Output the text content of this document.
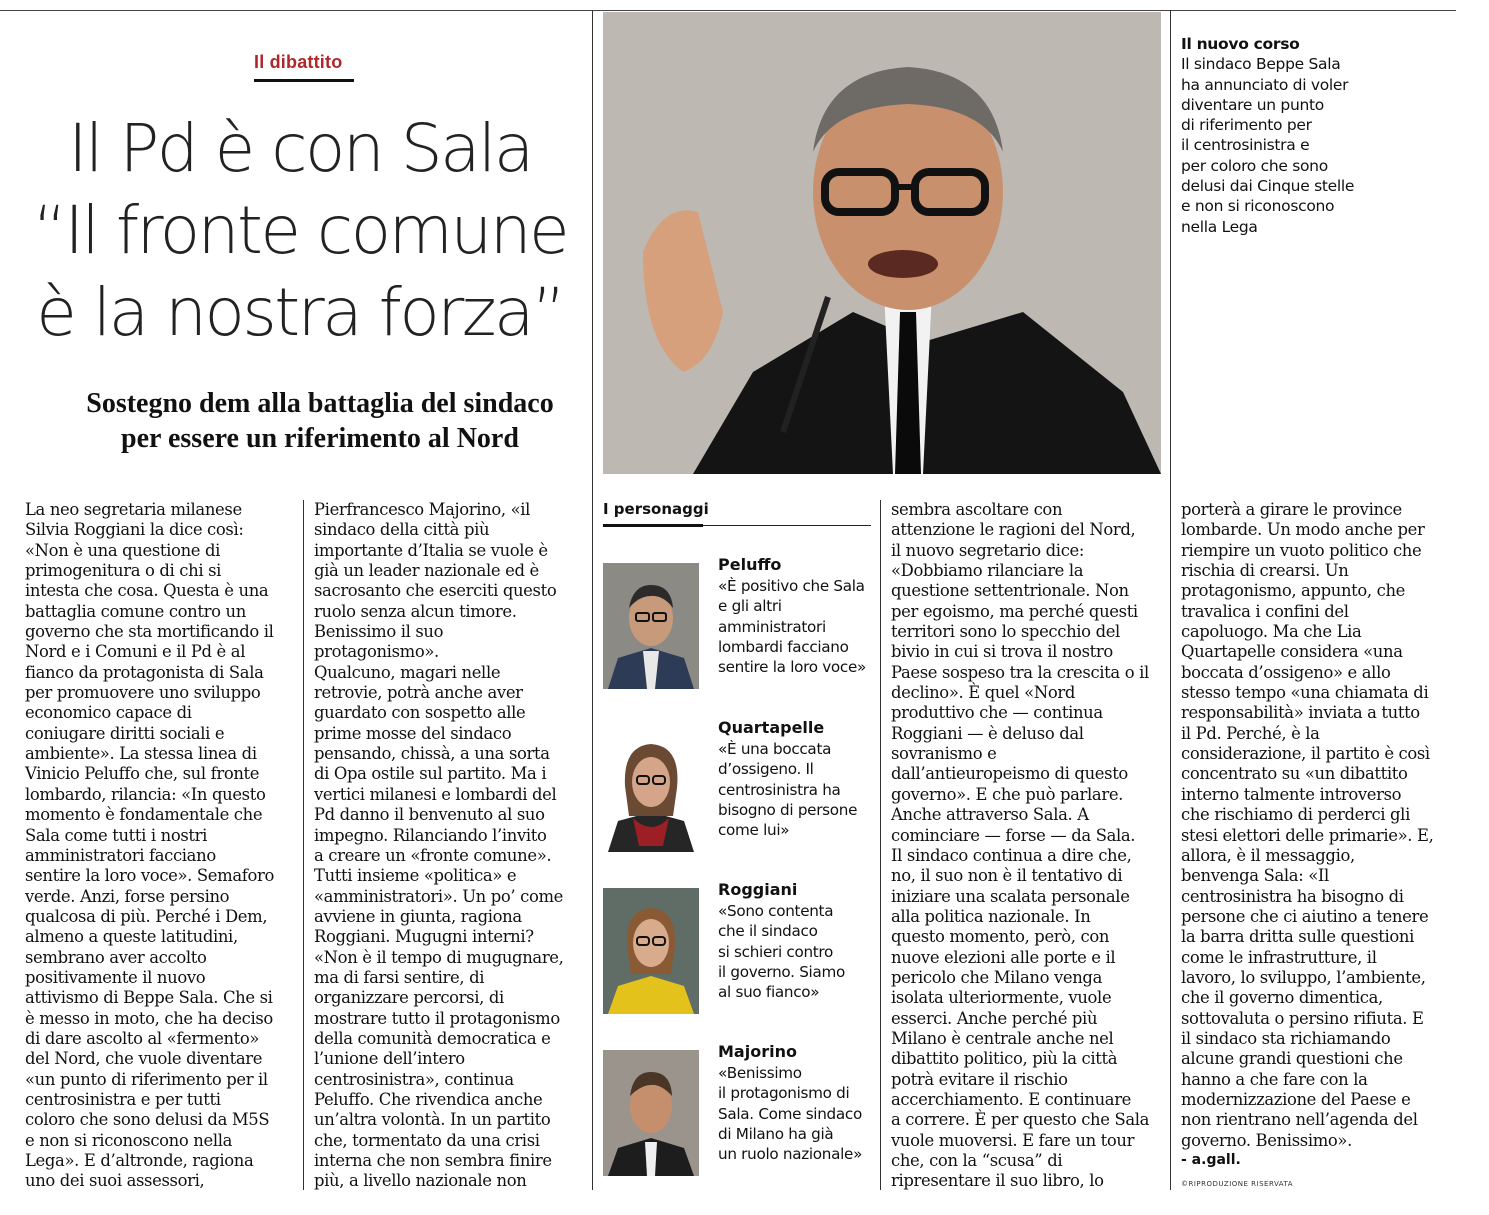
Il dibattito
Il Pd è con Sala
“Il fronte comune
è la nostra forza”
Sostegno dem alla battaglia del sindaco
per essere un riferimento al Nord
Il nuovo corso
Il sindaco Beppe Sala
ha annunciato di voler
diventare un punto
di riferimento per
il centrosinistra e
per coloro che sono
delusi dai Cinque stelle
e non si riconoscono
nella Lega
La neo segretaria milanese
Silvia Roggiani la dice così:
«Non è una questione di
primogenitura o di chi si
intesta che cosa. Questa è una
battaglia comune contro un
governo che sta mortificando il
Nord e i Comuni e il Pd è al
fianco da protagonista di Sala
per promuovere uno sviluppo
economico capace di
coniugare diritti sociali e
ambiente». La stessa linea di
Vinicio Peluffo che, sul fronte
lombardo, rilancia: «In questo
momento è fondamentale che
Sala come tutti i nostri
amministratori facciano
sentire la loro voce». Semaforo
verde. Anzi, forse persino
qualcosa di più. Perché i Dem,
almeno a queste latitudini,
sembrano aver accolto
positivamente il nuovo
attivismo di Beppe Sala. Che si
è messo in moto, che ha deciso
di dare ascolto al «fermento»
del Nord, che vuole diventare
«un punto di riferimento per il
centrosinistra e per tutti
coloro che sono delusi da M5S
e non si riconoscono nella
Lega». E d’altronde, ragiona
uno dei suoi assessori,
Pierfrancesco Majorino, «il
sindaco della città più
importante d’Italia se vuole è
già un leader nazionale ed è
sacrosanto che eserciti questo
ruolo senza alcun timore.
Benissimo il suo
protagonismo».
Qualcuno, magari nelle
retrovie, potrà anche aver
guardato con sospetto alle
prime mosse del sindaco
pensando, chissà, a una sorta
di Opa ostile sul partito. Ma i
vertici milanesi e lombardi del
Pd danno il benvenuto al suo
impegno. Rilanciando l’invito
a creare un «fronte comune».
Tutti insieme «politica» e
«amministratori». Un po’ come
avviene in giunta, ragiona
Roggiani. Mugugni interni?
«Non è il tempo di mugugnare,
ma di farsi sentire, di
organizzare percorsi, di
mostrare tutto il protagonismo
della comunità democratica e
l’unione dell’intero
centrosinistra», continua
Peluffo. Che rivendica anche
un’altra volontà. In un partito
che, tormentato da una crisi
interna che non sembra finire
più, a livello nazionale non
sembra ascoltare con
attenzione le ragioni del Nord,
il nuovo segretario dice:
«Dobbiamo rilanciare la
questione settentrionale. Non
per egoismo, ma perché questi
territori sono lo specchio del
bivio in cui si trova il nostro
Paese sospeso tra la crescita o il
declino». È quel «Nord
produttivo che — continua
Roggiani — è deluso dal
sovranismo e
dall’antieuropeismo di questo
governo». E che può parlare.
Anche attraverso Sala. A
cominciare — forse — da Sala.
Il sindaco continua a dire che,
no, il suo non è il tentativo di
iniziare una scalata personale
alla politica nazionale. In
questo momento, però, con
nuove elezioni alle porte e il
pericolo che Milano venga
isolata ulteriormente, vuole
esserci. Anche perché più
Milano è centrale anche nel
dibattito politico, più la città
potrà evitare il rischio
accerchiamento. E continuare
a correre. È per questo che Sala
vuole muoversi. E fare un tour
che, con la “scusa” di
ripresentare il suo libro, lo
porterà a girare le province
lombarde. Un modo anche per
riempire un vuoto politico che
rischia di crearsi. Un
protagonismo, appunto, che
travalica i confini del
capoluogo. Ma che Lia
Quartapelle considera «una
boccata d’ossigeno» e allo
stesso tempo «una chiamata di
responsabilità» inviata a tutto
il Pd. Perché, è la
considerazione, il partito è così
concentrato su «un dibattito
interno talmente introverso
che rischiamo di perderci gli
stesi elettori delle primarie». E,
allora, è il messaggio,
benvenga Sala: «Il
centrosinistra ha bisogno di
persone che ci aiutino a tenere
la barra dritta sulle questioni
come le infrastrutture, il
lavoro, lo sviluppo, l’ambiente,
che il governo dimentica,
sottovaluta o persino rifiuta. E
il sindaco sta richiamando
alcune grandi questioni che
hanno a che fare con la
modernizzazione del Paese e
non rientrano nell’agenda del
governo. Benissimo».
I personaggi
Peluffo
«È positivo che Sala
e gli altri
amministratori
lombardi facciano
sentire la loro voce»
Quartapelle
«È una boccata
d’ossigeno. Il
centrosinistra ha
bisogno di persone
come lui»
Roggiani
«Sono contenta
che il sindaco
si schieri contro
il governo. Siamo
al suo fianco»
Majorino
«Benissimo
il protagonismo di
Sala. Come sindaco
di Milano ha già
un ruolo nazionale»	- a.gall.
©RIPRODUZIONE RISERVATA
